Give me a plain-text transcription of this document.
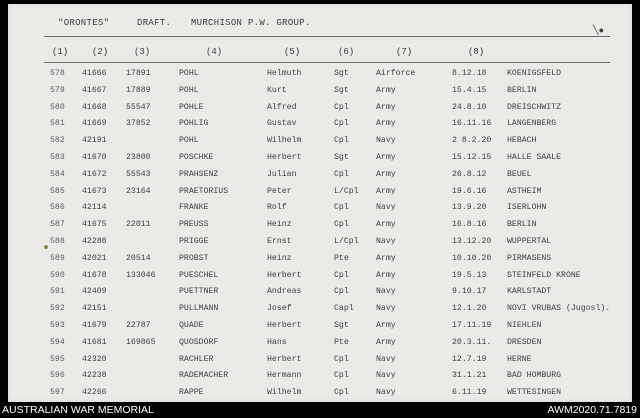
"ORONTES"	DRAFT. MURCHISON P.W. GROUP.
╲●
(1)	(2)	(3)	(4)	(5)	(6)	(7)	(8)
578 41666 17891	POHL	Helmuth	Sgt	Airforce	8.12.18	KOENIGSFELD
579 41667 17889	POHL	Kurt	Sgt	Army	15.4.15	BERLIN
580 41668 55547	POHLE	Alfred	Cpl	Army	24.8.10	DREISCHWITZ
581 41669 37852	POHLIG	Gustav	Cpl	Army	16.11.16 LANGENBERG
582 42191	POHL	Wilhelm	Cpl	Navy	2 8.2.20 HEBACH
583 41670 23800	POSCHKE	Herbert	Sgt	Army	15.12.15 HALLE SAALE
584 41672 55543	PRAHSENZ	Julian	Cpl	Army	26.8.12	BEUEL
585 41673 23164	PRAETORIUS	Peter	L/Cpl Army	19.6.16	ASTHEIM
586 42114	FRANKE	Rolf	Cpl	Navy	13.9.20	ISERLOHN
587 41675 22011	PREUSS	Heinz	Cpl	Army	16.8.16	BERLIN
588 42288	PRIGGE	Ernst	L/Cpl Navy	13.12.20 WUPPERTAL
589 42021 20514	PROBST	Heinz	Pte	Army	10.10.20 PIRMASENS
590 41678 133046	PUESCHEL	Herbert	Cpl	Army	19.5.13	STEINFELD KRONE
591 42409	PUETTNER	Andreas	Cpl	Navy	9.10.17	KARLSTADT
592 42151	PULLMANN	Josef	Capl	Navy	12.1.20	NOVI VRUBAS (Jugosl).
593 41679 22787	QUADE	Herbert	Sgt	Army	17.11.19 NIEHLEN
594 41681 169865	QUOSDORF	Hans	Pte	Army	20.3.11. DRESDEN
595 42320	RACHLER	Herbert	Cpl	Navy	12.7.19	HERNE
596 42238	RADEMACHER	Hermann	Cpl	Navy	31.1.21	BAD HOMBURG
597 42266	RAPPE	Wilhelm	Cpl	Navy	6.11.19	WETTESINGEN
AUSTRALIAN WAR MEMORIAL	AWM2020.71.7819
